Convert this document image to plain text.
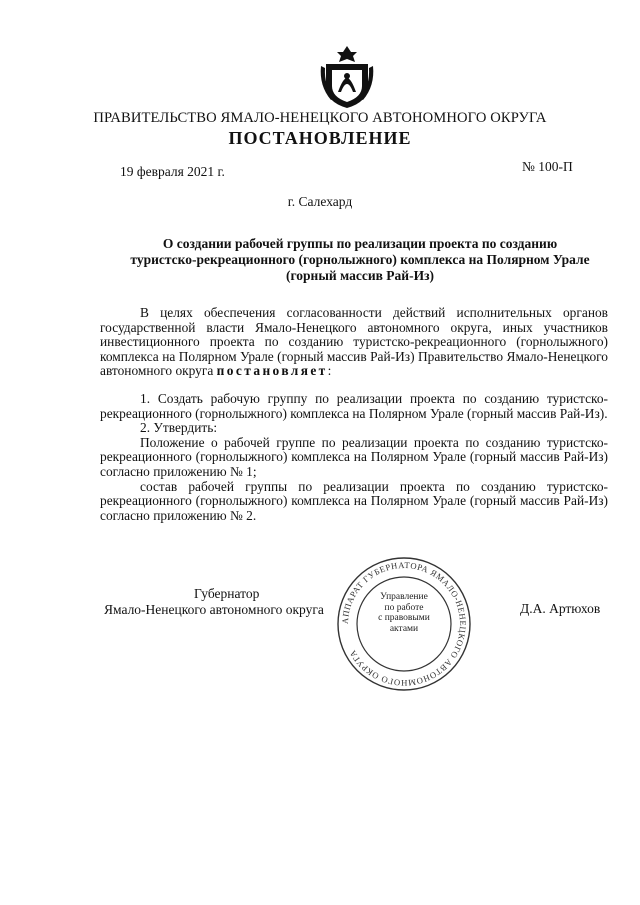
ПРАВИТЕЛЬСТВО ЯМАЛО-НЕНЕЦКОГО АВТОНОМНОГО ОКРУГА
ПОСТАНОВЛЕНИЕ
19 февраля 2021 г.	№ 100-П
г. Салехард
О создании рабочей группы по реализации проекта по созданию
туристско-рекреационного (горнолыжного) комплекса на Полярном Урале
(горный массив Рай-Из)

В целях обеспечения согласованности действий исполнительных органов государственной власти Ямало-Ненецкого автономного округа, иных участников инвестиционного проекта по созданию туристско-рекреационного (горнолыжного) комплекса на Полярном Урале (горный массив Рай-Из) Правительство Ямало-Ненецкого автономного округа постановляет:

1. Создать рабочую группу по реализации проекта по созданию туристско-рекреационного (горнолыжного) комплекса на Полярном Урале (горный массив Рай-Из).

2. Утвердить:

Положение о рабочей группе по реализации проекта по созданию туристско-рекреационного (горнолыжного) комплекса на Полярном Урале (горный массив Рай-Из) согласно приложению № 1;

состав рабочей группы по реализации проекта по созданию туристско-рекреационного (горнолыжного) комплекса на Полярном Урале (горный массив Рай-Из) согласно приложению № 2.

АППАРАТ ГУБЕРНАТОРА ЯМАЛО-НЕНЕЦКОГО АВТОНОМНОГО ОКРУГА
Управление
по работе
с правовыми
актами
Губернатор
Ямало-Ненецкого автономного округа	Д.А. Артюхов
